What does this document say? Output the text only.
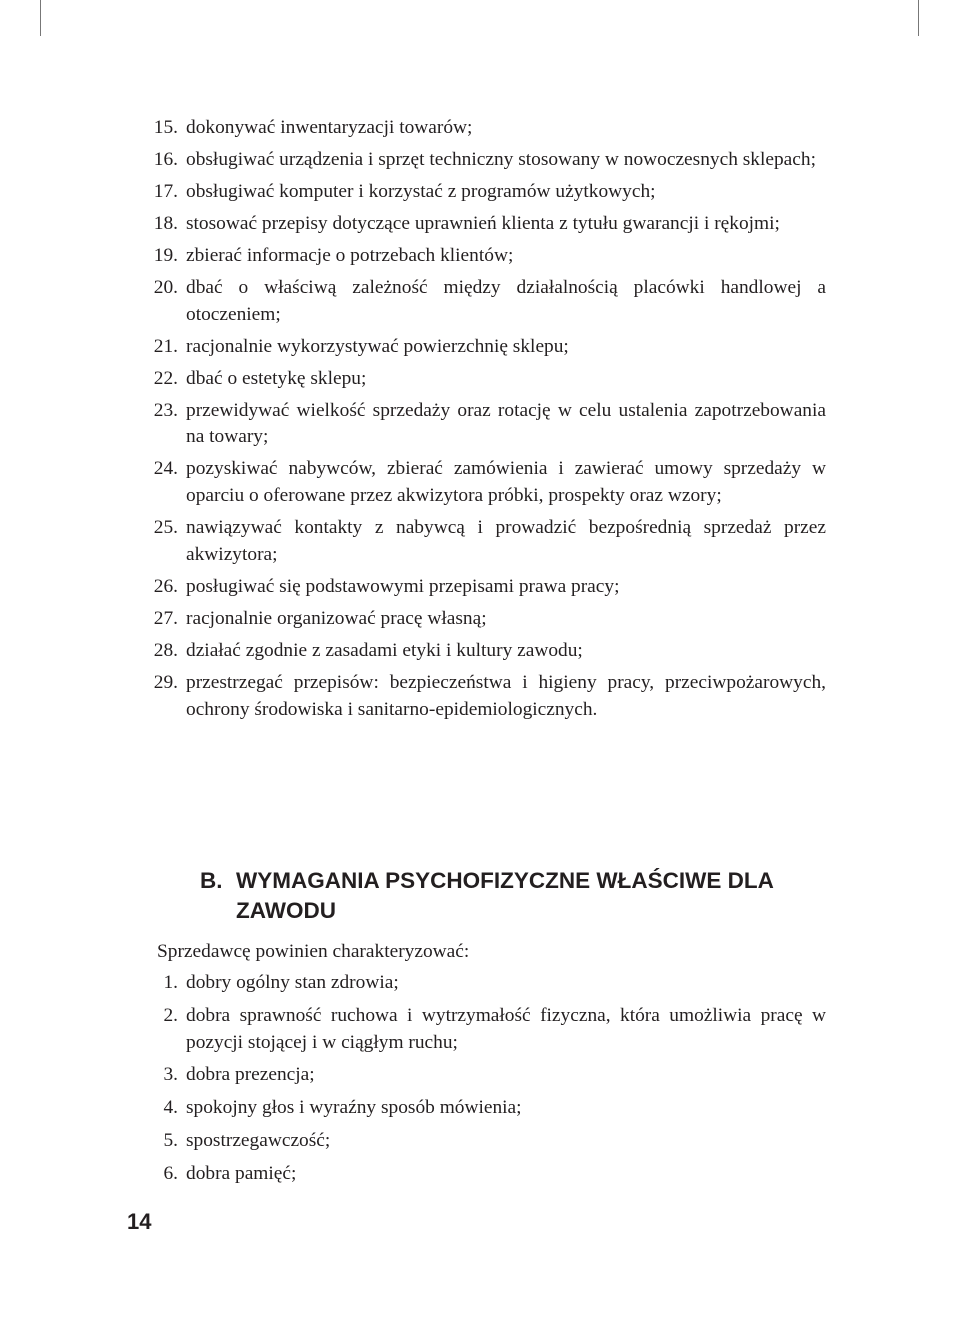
15. dokonywać inwentaryzacji towarów;
16. obsługiwać urządzenia i sprzęt techniczny stosowany w nowoczesnych sklepach;
17. obsługiwać komputer i korzystać z programów użytkowych;
18. stosować przepisy dotyczące uprawnień klienta z tytułu gwarancji i rękojmi;
19. zbierać informacje o potrzebach klientów;
20. dbać o właściwą zależność między działalnością placówki handlowej a otoczeniem;
21. racjonalnie wykorzystywać powierzchnię sklepu;
22. dbać o estetykę sklepu;
23. przewidywać wielkość sprzedaży oraz rotację w celu ustalenia zapotrzebowania na towary;
24. pozyskiwać nabywców, zbierać zamówienia i zawierać umowy sprzedaży w oparciu o oferowane przez akwizytora próbki, prospekty oraz wzory;
25. nawiązywać kontakty z nabywcą i prowadzić bezpośrednią sprzedaż przez akwizytora;
26. posługiwać się podstawowymi przepisami prawa pracy;
27. racjonalnie organizować pracę własną;
28. działać zgodnie z zasadami etyki i kultury zawodu;
29. przestrzegać przepisów: bezpieczeństwa i higieny pracy, przeciwpożarowych, ochrony środowiska i sanitarno-epidemiologicznych.
B. WYMAGANIA PSYCHOFIZYCZNE WŁAŚCIWE DLA ZAWODU

Sprzedawcę powinien charakteryzować:

1. dobry ogólny stan zdrowia;
2. dobra sprawność ruchowa i wytrzymałość fizyczna, która umożliwia pracę w pozycji stojącej i w ciągłym ruchu;
3. dobra prezencja;
4. spokojny głos i wyraźny sposób mówienia;
5. spostrzegawczość;
6. dobra pamięć;
14
